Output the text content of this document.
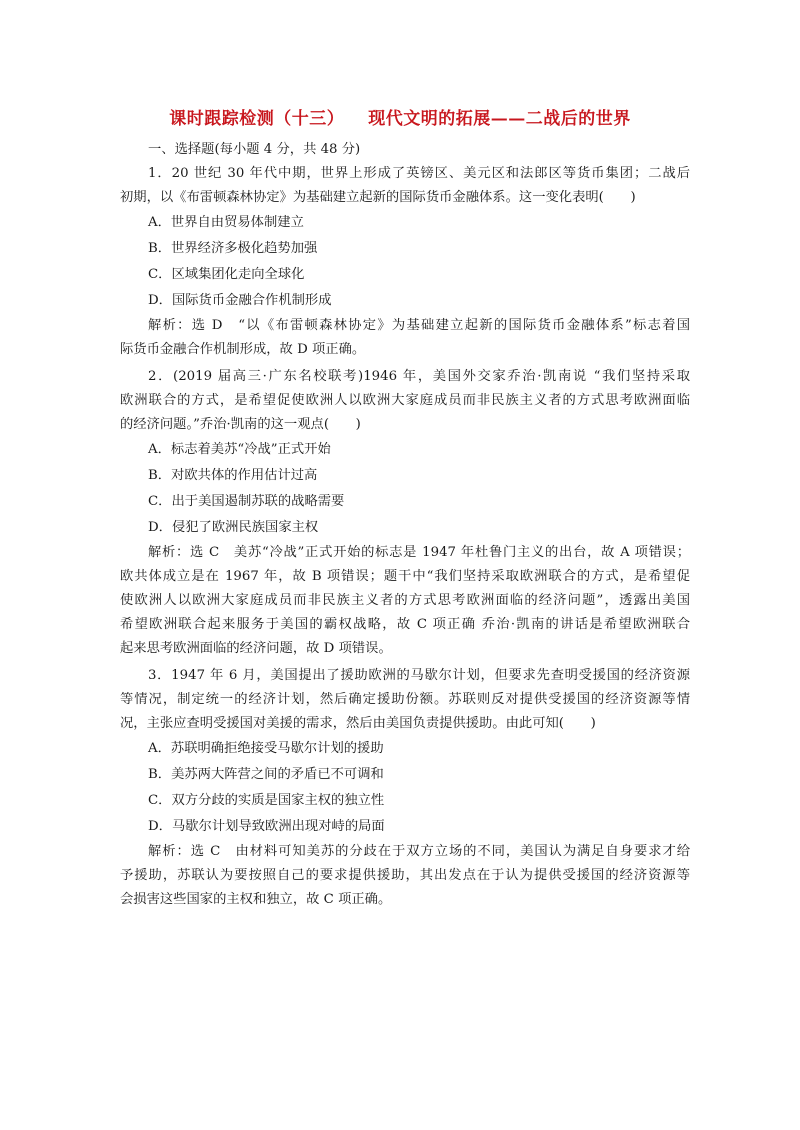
课时跟踪检测（十三） 现代文明的拓展——二战后的世界
一、选择题(每小题 4 分，共 48 分)
1．20 世纪 30 年代中期，世界上形成了英镑区、美元区和法郎区等货币集团；二战后
初期，以《布雷顿森林协定》为基础建立起新的国际货币金融体系。这一变化表明(　　)
A．世界自由贸易体制建立
B．世界经济多极化趋势加强
C．区域集团化走向全球化
D．国际货币金融合作机制形成
解析：选 D　“以《布雷顿森林协定》为基础建立起新的国际货币金融体系”标志着国
际货币金融合作机制形成，故 D 项正确。
2．(2019 届高三·广东名校联考)1946 年，美国外交家乔治·凯南说 “我们坚持采取
欧洲联合的方式，是希望促使欧洲人以欧洲大家庭成员而非民族主义者的方式思考欧洲面临
的经济问题。”乔治·凯南的这一观点(　　)
A．标志着美苏“冷战”正式开始
B．对欧共体的作用估计过高
C．出于美国遏制苏联的战略需要
D．侵犯了欧洲民族国家主权
解析：选 C　美苏“冷战”正式开始的标志是 1947 年杜鲁门主义的出台，故 A 项错误；
欧共体成立是在 1967 年，故 B 项错误；题干中“我们坚持采取欧洲联合的方式，是希望促
使欧洲人以欧洲大家庭成员而非民族主义者的方式思考欧洲面临的经济问题”，透露出美国
希望欧洲联合起来服务于美国的霸权战略，故 C 项正确 乔治·凯南的讲话是希望欧洲联合
起来思考欧洲面临的经济问题，故 D 项错误。
3．1947 年 6 月，美国提出了援助欧洲的马歇尔计划，但要求先查明受援国的经济资源
等情况，制定统一的经济计划，然后确定援助份额。苏联则反对提供受援国的经济资源等情
况，主张应查明受援国对美援的需求，然后由美国负责提供援助。由此可知(　　)
A．苏联明确拒绝接受马歇尔计划的援助
B．美苏两大阵营之间的矛盾已不可调和
C．双方分歧的实质是国家主权的独立性
D．马歇尔计划导致欧洲出现对峙的局面
解析：选 C　由材料可知美苏的分歧在于双方立场的不同，美国认为满足自身要求才给
予援助，苏联认为要按照自己的要求提供援助，其出发点在于认为提供受援国的经济资源等
会损害这些国家的主权和独立，故 C 项正确。
